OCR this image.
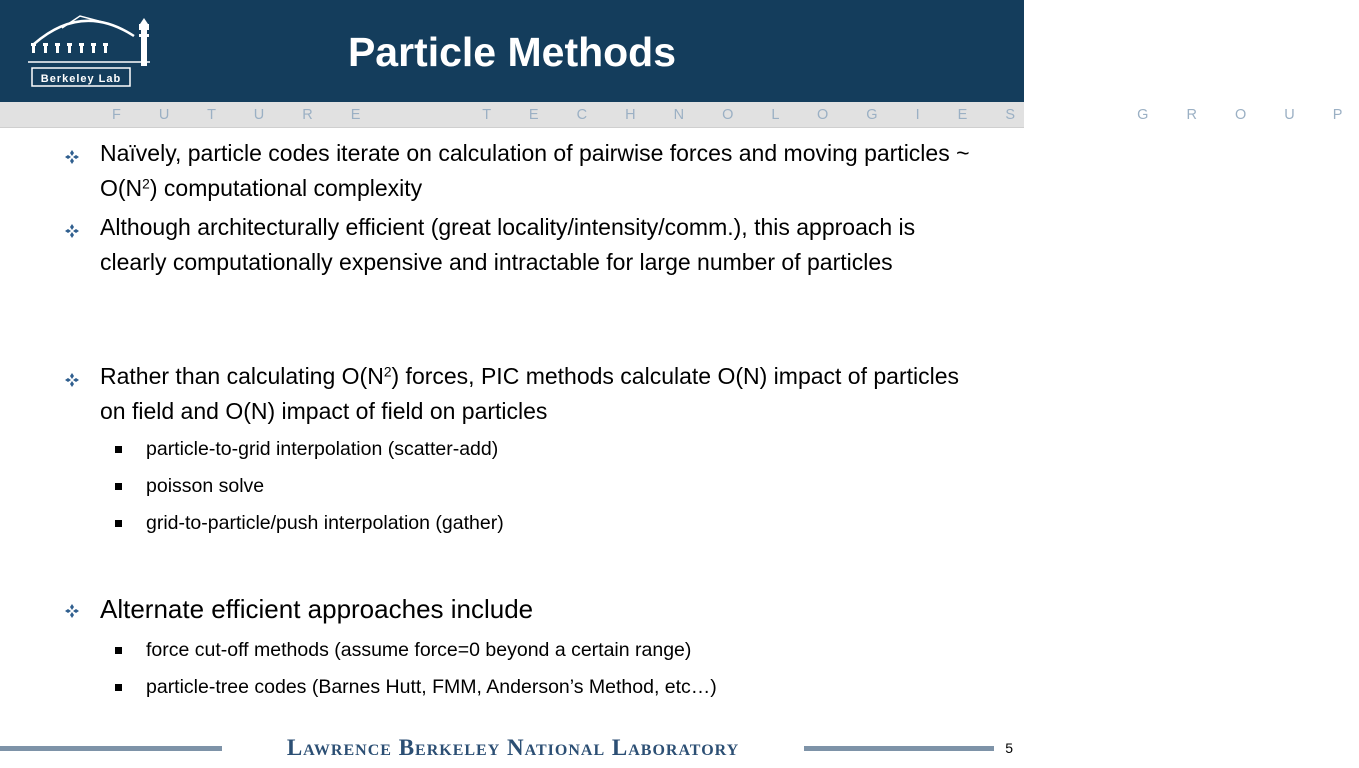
Berkeley Lab
Particle Methods
F U T U R E     T E C H N O L O G I E S     G R O U P
Naïvely, particle codes iterate on calculation of pairwise forces and moving particles ~ $O(N^2)$ computational complexity
Although architecturally efficient (great locality/intensity/comm.), this approach is clearly computationally expensive and intractable for large number of particles
Rather than calculating $O(N^2)$ forces, PIC methods calculate O(N) impact of particles on field and O(N) impact of field on particles
particle-to-grid interpolation (scatter-add)
poisson solve
grid-to-particle/push interpolation (gather)
Alternate efficient approaches include
force cut-off methods (assume force=0 beyond a certain range)
particle-tree codes (Barnes Hutt, FMM, Anderson’s Method, etc…)
Lawrence Berkeley National Laboratory	5
